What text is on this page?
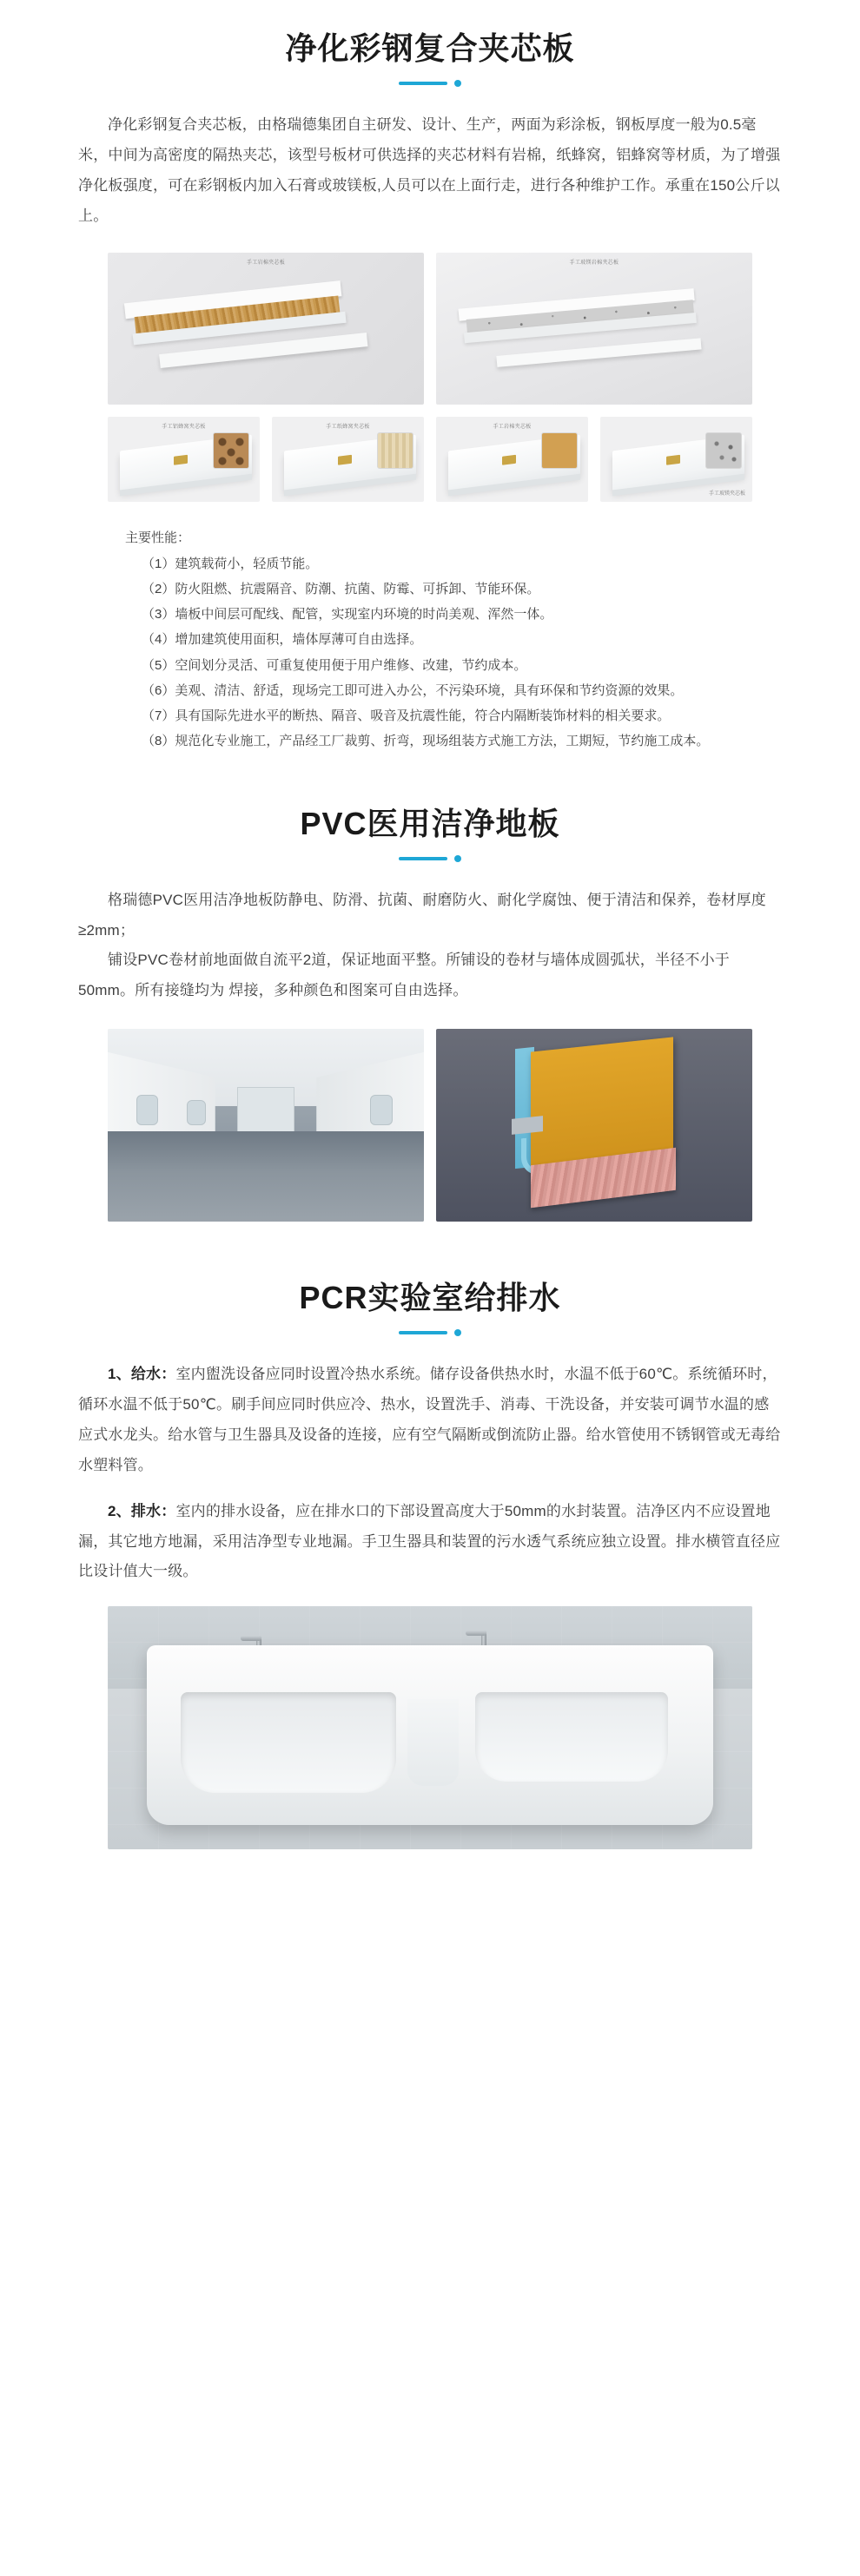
净化彩钢复合夹芯板
净化彩钢复合夹芯板，由格瑞德集团自主研发、设计、生产，两面为彩涂板，钢板厚度一般为0.5毫米，中间为高密度的隔热夹芯，该型号板材可供选择的夹芯材料有岩棉，纸蜂窝，铝蜂窝等材质，为了增强净化板强度，可在彩钢板内加入石膏或玻镁板,人员可以在上面行走，进行各种维护工作。承重在150公斤以上。
手工岩棉夹芯板	手工玻镁岩棉夹芯板
手工铝蜂窝夹芯板	手工纸蜂窝夹芯板	手工岩棉夹芯板
手工玻镁夹芯板
主要性能：
（1）建筑载荷小，轻质节能。
（2）防火阻燃、抗震隔音、防潮、抗菌、防霉、可拆卸、节能环保。
（3）墙板中间层可配线、配管，实现室内环境的时尚美观、浑然一体。
（4）增加建筑使用面积，墙体厚薄可自由选择。
（5）空间划分灵活、可重复使用便于用户维修、改建，节约成本。
（6）美观、清洁、舒适，现场完工即可进入办公，不污染环境，具有环保和节约资源的效果。
（7）具有国际先进水平的断热、隔音、吸音及抗震性能，符合内隔断装饰材料的相关要求。
（8）规范化专业施工，产品经工厂裁剪、折弯，现场组装方式施工方法，工期短，节约施工成本。
PVC医用洁净地板
格瑞德PVC医用洁净地板防静电、防滑、抗菌、耐磨防火、耐化学腐蚀、便于清洁和保养，卷材厚度≥2mm；
铺设PVC卷材前地面做自流平2道，保证地面平整。所铺设的卷材与墙体成圆弧状，半径不小于50mm。所有接缝均为 焊接，多种颜色和图案可自由选择。
PCR实验室给排水

1、给水：室内盥洗设备应同时设置冷热水系统。储存设备供热水时，水温不低于60℃。系统循环时，循环水温不低于50℃。刷手间应同时供应冷、热水，设置洗手、消毒、干洗设备，并安装可调节水温的感应式水龙头。给水管与卫生器具及设备的连接，应有空气隔断或倒流防止器。给水管使用不锈钢管或无毒给水塑料管。

2、排水：室内的排水设备，应在排水口的下部设置高度大于50mm的水封装置。洁净区内不应设置地漏，其它地方地漏，采用洁净型专业地漏。手卫生器具和装置的污水透气系统应独立设置。排水横管直径应比设计值大一级。
